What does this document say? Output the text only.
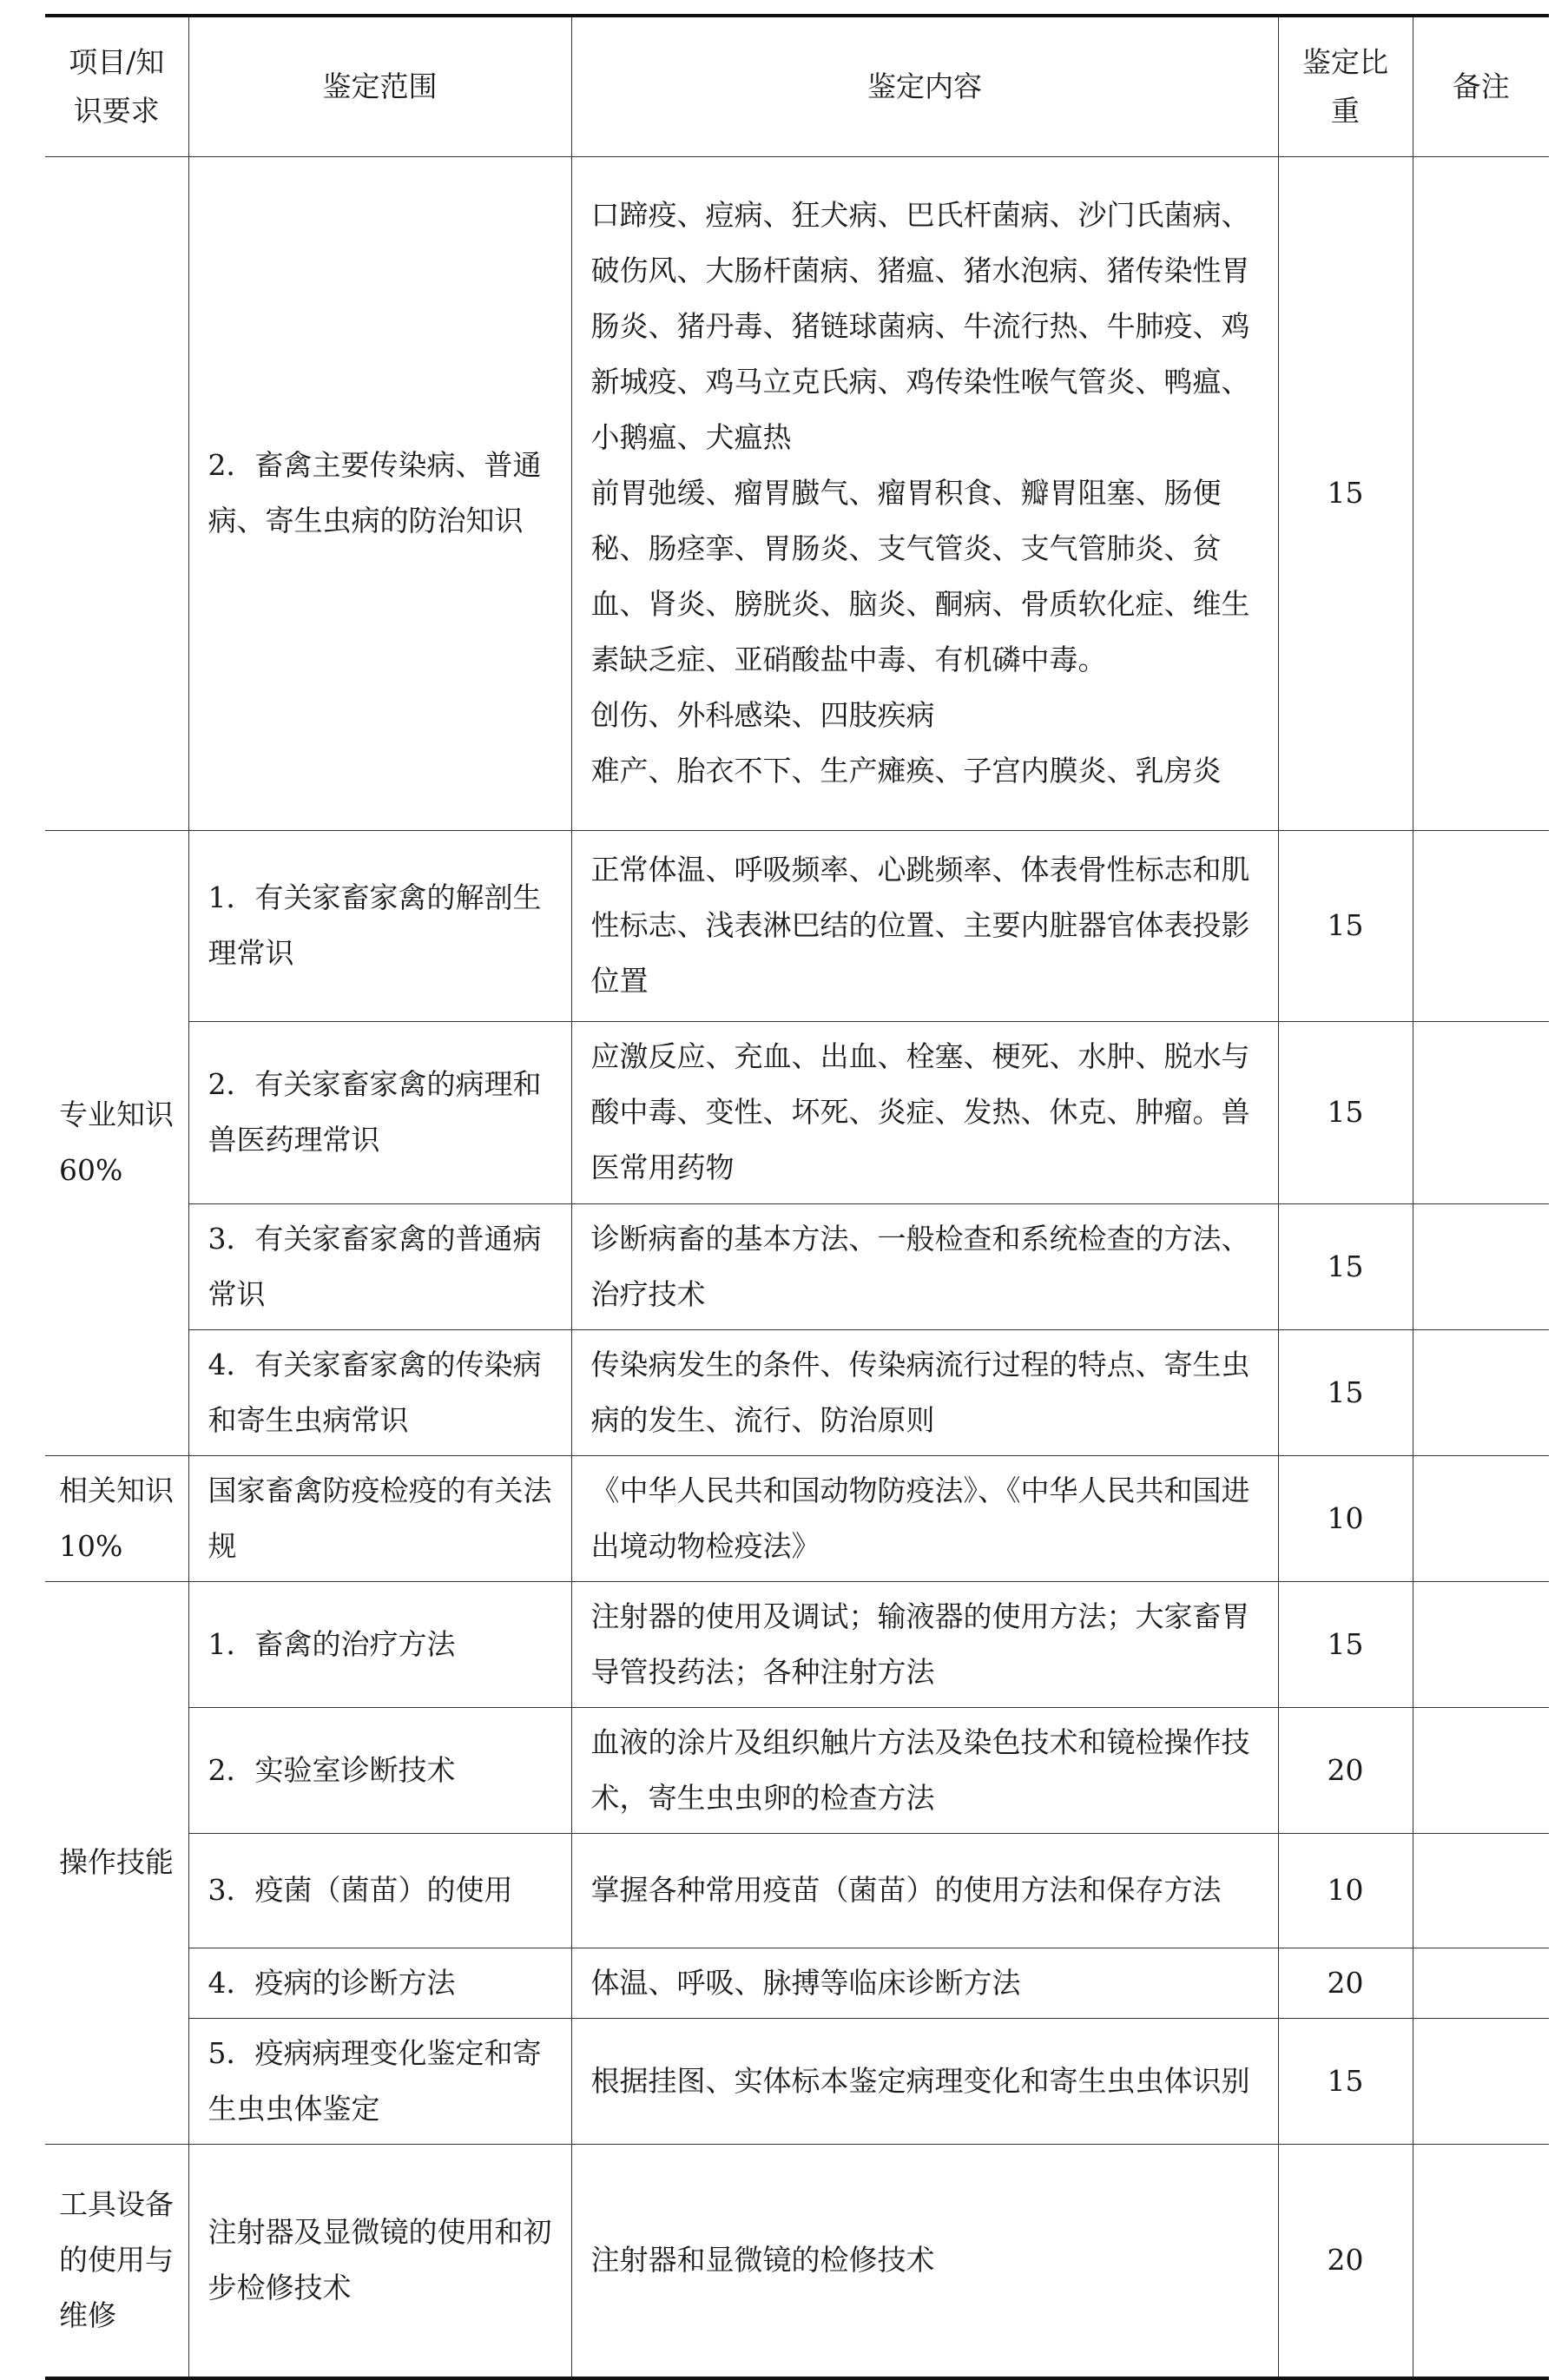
项目/知识要求	鉴定范围	鉴定内容	鉴定比重	备注
	2．畜禽主要传染病、普通病、寄生虫病的防治知识	口蹄疫、痘病、狂犬病、巴氏杆菌病、沙门氏菌病、破伤风、大肠杆菌病、猪瘟、猪水泡病、猪传染性胃肠炎、猪丹毒、猪链球菌病、牛流行热、牛肺疫、鸡新城疫、鸡马立克氏病、鸡传染性喉气管炎、鸭瘟、小鹅瘟、犬瘟热
前胃弛缓、瘤胃臌气、瘤胃积食、瓣胃阻塞、肠便秘、肠痉挛、胃肠炎、支气管炎、支气管肺炎、贫血、肾炎、膀胱炎、脑炎、酮病、骨质软化症、维生素缺乏症、亚硝酸盐中毒、有机磷中毒。
创伤、外科感染、四肢疾病
难产、胎衣不下、生产瘫痪、子宫内膜炎、乳房炎	15	
专业知识60%	1．有关家畜家禽的解剖生理常识	正常体温、呼吸频率、心跳频率、体表骨性标志和肌性标志、浅表淋巴结的位置、主要内脏器官体表投影位置	15	
	2．有关家畜家禽的病理和兽医药理常识	应激反应、充血、出血、栓塞、梗死、水肿、脱水与酸中毒、变性、坏死、炎症、发热、休克、肿瘤。兽医常用药物	15	
	3．有关家畜家禽的普通病常识	诊断病畜的基本方法、一般检查和系统检查的方法、治疗技术	15	
	4．有关家畜家禽的传染病和寄生虫病常识	传染病发生的条件、传染病流行过程的特点、寄生虫病的发生、流行、防治原则	15	
相关知识10%	国家畜禽防疫检疫的有关法规	《中华人民共和国动物防疫法》、《中华人民共和国进出境动物检疫法》	10	
操作技能	1．畜禽的治疗方法	注射器的使用及调试；输液器的使用方法；大家畜胃导管投药法；各种注射方法	15	
	2．实验室诊断技术	血液的涂片及组织触片方法及染色技术和镜检操作技术，寄生虫虫卵的检查方法	20	
	3．疫菌（菌苗）的使用	掌握各种常用疫苗（菌苗）的使用方法和保存方法	10	
	4．疫病的诊断方法	体温、呼吸、脉搏等临床诊断方法	20	
	5．疫病病理变化鉴定和寄生虫虫体鉴定	根据挂图、实体标本鉴定病理变化和寄生虫虫体识别	15	
工具设备的使用与维修	注射器及显微镜的使用和初步检修技术	注射器和显微镜的检修技术	20	
